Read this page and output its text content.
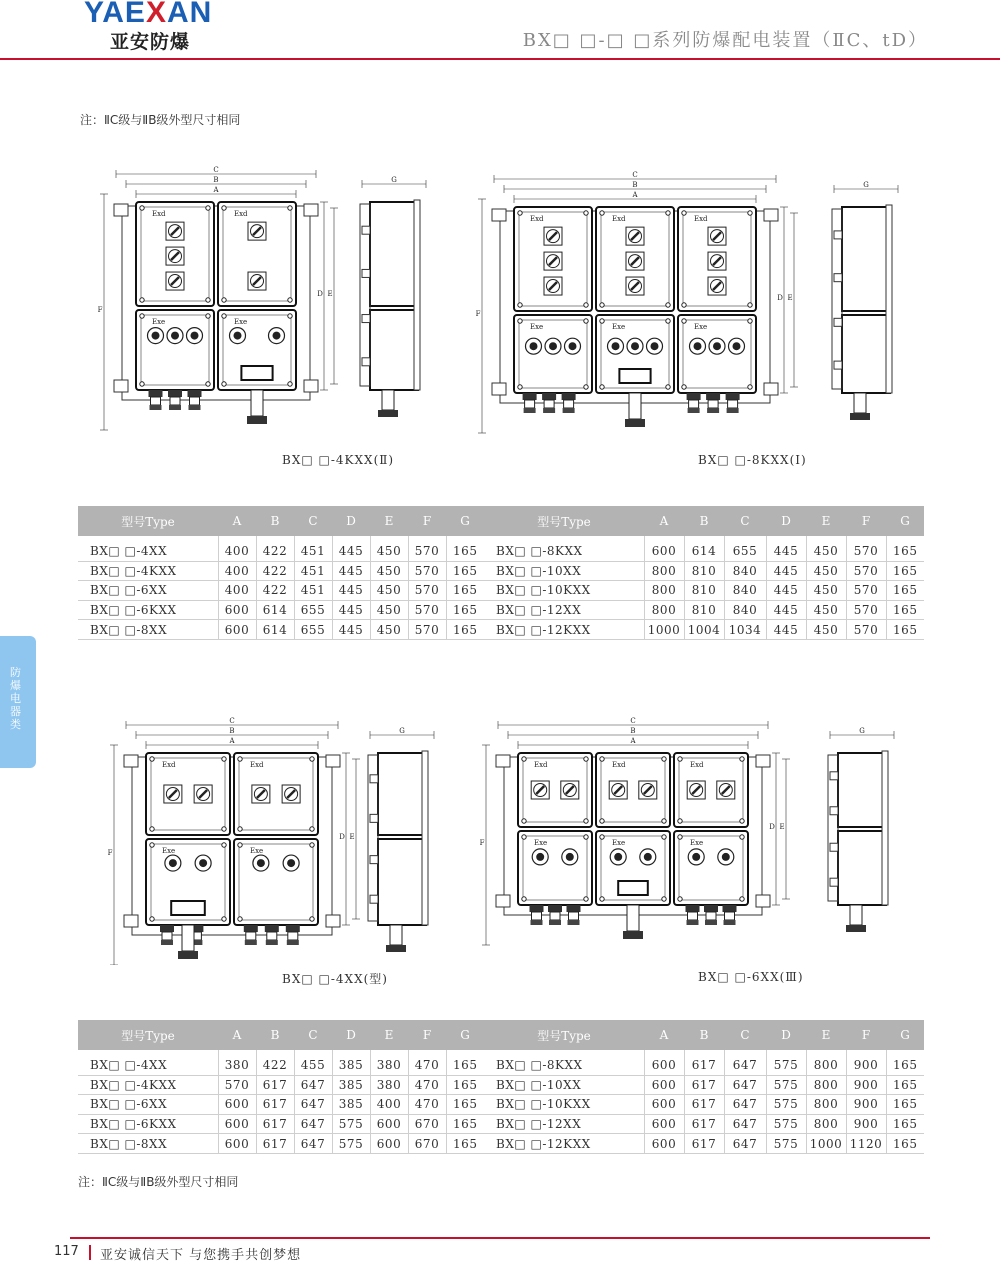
YAEXAN
亚安防爆	BX□ □-□ □系列防爆配电装置（ⅡC、tD）
防爆电器类
注：ⅡC级与ⅡB级外型尺寸相同
C
B
A
F
D E
Exd
Exe
Exd
Exe
G
C
B
A
F
D E
Exd
Exe
Exd
Exe
Exd
Exe
G
C
B
A
F
D E
Exd
Exe
Exd
Exe
G
C
B
A
F
D E
Exd
Exe
Exd
Exe
Exd
Exe
G
BX□ □-4KXX(Ⅱ)	BX□ □-8KXX(Ⅰ)
BX□ □-4XX(型)	BX□ □-6XX(Ⅲ)
型号Type	A	B	C	D	E	F	G	型号Type	A	B	C	D	E	F	G
BX□ □-4XX	400	422	451	445	450	570	165	BX□ □-8KXX	600	614	655	445	450	570	165
BX□ □-4KXX	400	422	451	445	450	570	165	BX□ □-10XX	800	810	840	445	450	570	165
BX□ □-6XX	400	422	451	445	450	570	165	BX□ □-10KXX	800	810	840	445	450	570	165
BX□ □-6KXX	600	614	655	445	450	570	165	BX□ □-12XX	800	810	840	445	450	570	165
BX□ □-8XX	600	614	655	445	450	570	165	BX□ □-12KXX	1000	1004	1034	445	450	570	165
型号Type	A	B	C	D	E	F	G	型号Type	A	B	C	D	E	F	G
BX□ □-4XX	380	422	455	385	380	470	165	BX□ □-8KXX	600	617	647	575	800	900	165
BX□ □-4KXX	570	617	647	385	380	470	165	BX□ □-10XX	600	617	647	575	800	900	165
BX□ □-6XX	600	617	647	385	400	470	165	BX□ □-10KXX	600	617	647	575	800	900	165
BX□ □-6KXX	600	617	647	575	600	670	165	BX□ □-12XX	600	617	647	575	800	900	165
BX□ □-8XX	600	617	647	575	600	670	165	BX□ □-12KXX	600	617	647	575	1000	1120	165
注：ⅡC级与ⅡB级外型尺寸相同
117 亚安诚信天下 与您携手共创梦想
